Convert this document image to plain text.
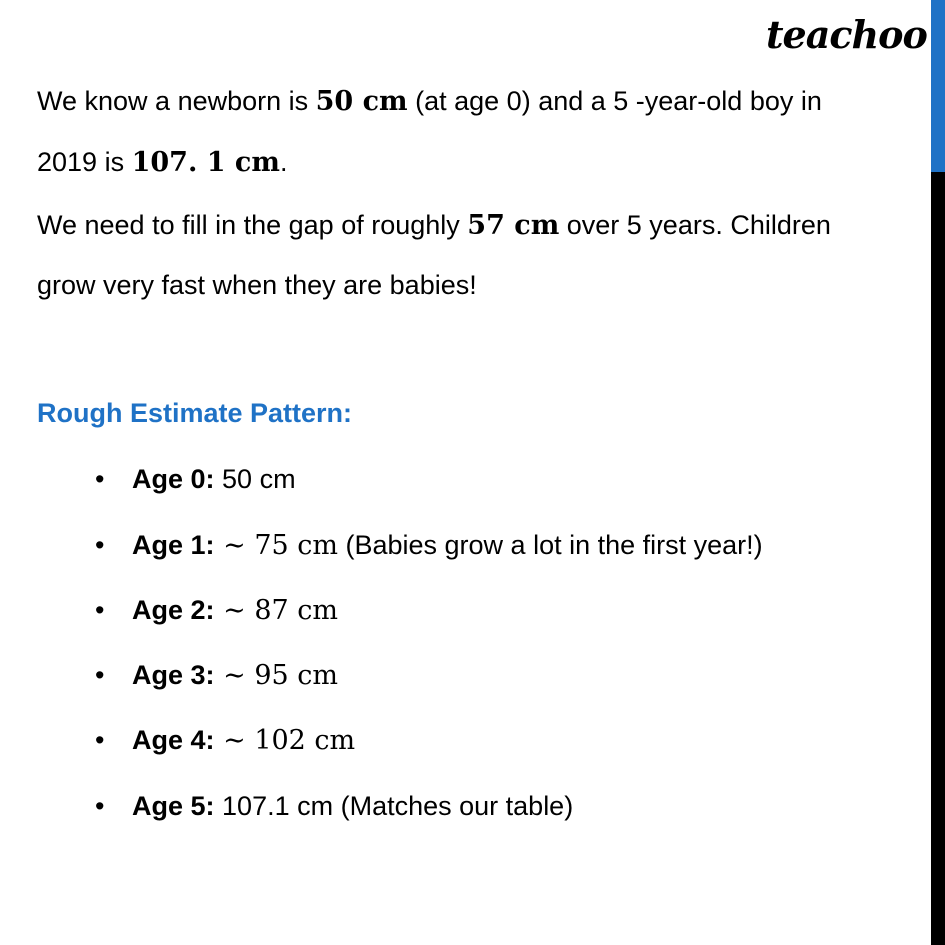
teachoo
We know a newborn is 50 cm (at age 0) and a 5 -year-old boy in
2019 is 107. 1 cm.
We need to fill in the gap of roughly 57 cm over 5 years. Children
grow very fast when they are babies!
Rough Estimate Pattern:
• Age 0: 50 cm
• Age 1: ∼ 75 cm (Babies grow a lot in the first year!)
• Age 2: ∼ 87 cm
• Age 3: ∼ 95 cm
• Age 4: ∼ 102 cm
• Age 5: 107.1 cm (Matches our table)
